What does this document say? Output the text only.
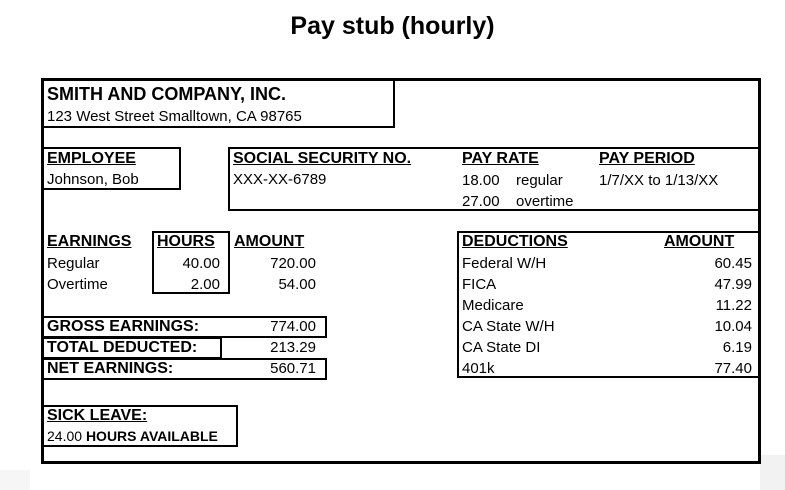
Pay stub (hourly)
SMITH AND COMPANY, INC.
123 West Street Smalltown, CA 98765
EMPLOYEE
Johnson, Bob
SOCIAL SECURITY NO.
XXX-XX-6789
PAY RATE
18.00 regular
27.00 overtime
PAY PERIOD
1/7/XX to 1/13/XX
EARNINGS HOURS AMOUNT
Regular	40.00	720.00
Overtime	2.00	54.00
GROSS EARNINGS:	774.00
TOTAL DEDUCTED:	213.29
NET EARNINGS:	560.71
DEDUCTIONS	AMOUNT
Federal W/H	60.45
FICA	47.99
Medicare	11.22
CA State W/H	10.04
CA State DI	6.19
401k	77.40
SICK LEAVE:
24.00 HOURS AVAILABLE
